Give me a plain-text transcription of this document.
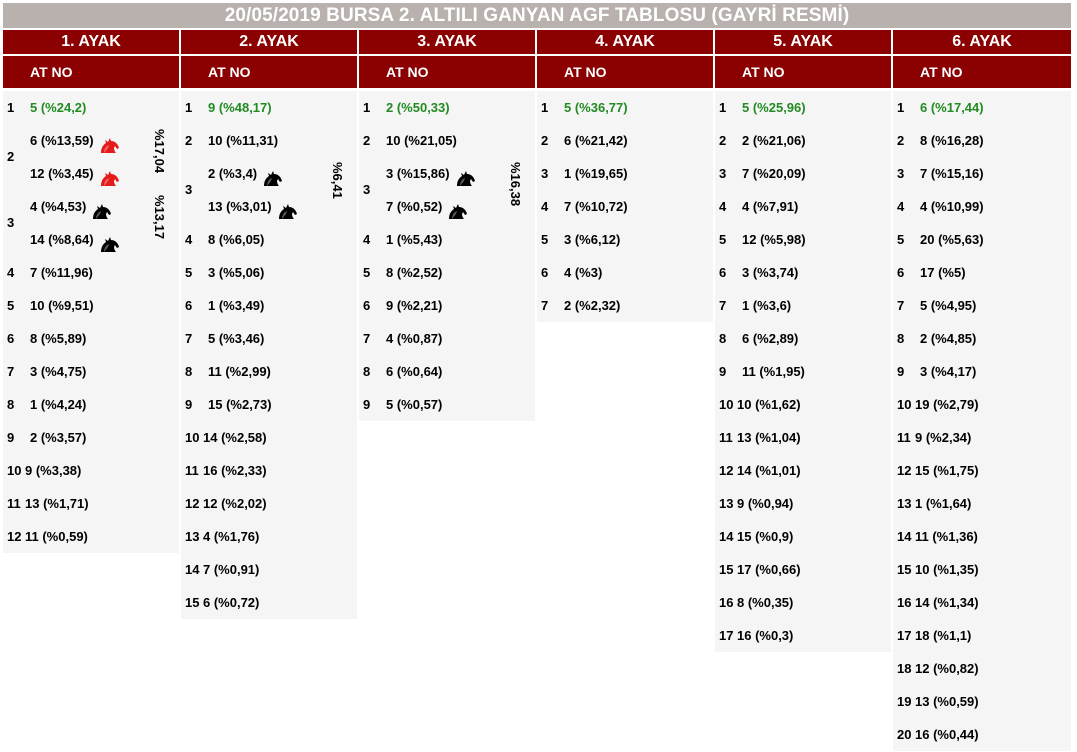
20/05/2019 BURSA 2. ALTILI GANYAN AGF TABLOSU (GAYRİ RESMİ)
1. AYAK
AT NO
1 5 (%24,2)
2
6 (%13,59)
12 (%3,45)
%17,04
3
4 (%4,53)
14 (%8,64)
%13,17
4 7 (%11,96)
5 10 (%9,51)
6 8 (%5,89)
7 3 (%4,75)
8 1 (%4,24)
9 2 (%3,57)
10 9 (%3,38)
11 13 (%1,71)
12 11 (%0,59)
2. AYAK
AT NO
1 9 (%48,17)
2 10 (%11,31)
3
2 (%3,4)
13 (%3,01)
%6,41
4 8 (%6,05)
5 3 (%5,06)
6 1 (%3,49)
7 5 (%3,46)
8 11 (%2,99)
9 15 (%2,73)
10 14 (%2,58)
11 16 (%2,33)
12 12 (%2,02)
13 4 (%1,76)
14 7 (%0,91)
15 6 (%0,72)
3. AYAK
AT NO
1 2 (%50,33)
2 10 (%21,05)
3
3 (%15,86)
7 (%0,52)
%16,38
4 1 (%5,43)
5 8 (%2,52)
6 9 (%2,21)
7 4 (%0,87)
8 6 (%0,64)
9 5 (%0,57)
4. AYAK
AT NO
1 5 (%36,77)
2 6 (%21,42)
3 1 (%19,65)
4 7 (%10,72)
5 3 (%6,12)
6 4 (%3)
7 2 (%2,32)
5. AYAK
AT NO
1 5 (%25,96)
2 2 (%21,06)
3 7 (%20,09)
4 4 (%7,91)
5 12 (%5,98)
6 3 (%3,74)
7 1 (%3,6)
8 6 (%2,89)
9 11 (%1,95)
10 10 (%1,62)
11 13 (%1,04)
12 14 (%1,01)
13 9 (%0,94)
14 15 (%0,9)
15 17 (%0,66)
16 8 (%0,35)
17 16 (%0,3)
6. AYAK
AT NO
1 6 (%17,44)
2 8 (%16,28)
3 7 (%15,16)
4 4 (%10,99)
5 20 (%5,63)
6 17 (%5)
7 5 (%4,95)
8 2 (%4,85)
9 3 (%4,17)
10 19 (%2,79)
11 9 (%2,34)
12 15 (%1,75)
13 1 (%1,64)
14 11 (%1,36)
15 10 (%1,35)
16 14 (%1,34)
17 18 (%1,1)
18 12 (%0,82)
19 13 (%0,59)
20 16 (%0,44)
